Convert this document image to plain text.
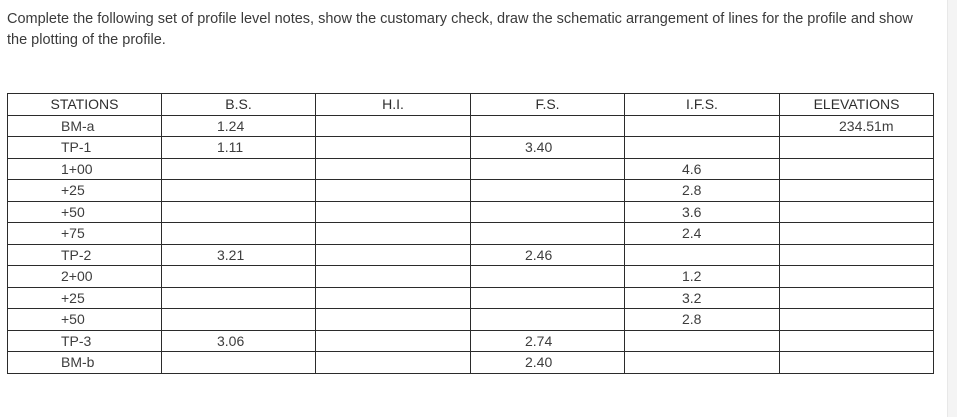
Complete the following set of profile level notes, show the customary check, draw the schematic arrangement of lines for the profile and show the plotting of the profile.

STATIONS	B.S.	H.I.	F.S.	I.F.S.	ELEVATIONS
BM-a	1.24				234.51m
TP-1	1.11		3.40		
1+00				4.6	
+25				2.8	
+50				3.6	
+75				2.4	
TP-2	3.21		2.46		
2+00				1.2	
+25				3.2	
+50				2.8	
TP-3	3.06		2.74		
BM-b			2.40		
